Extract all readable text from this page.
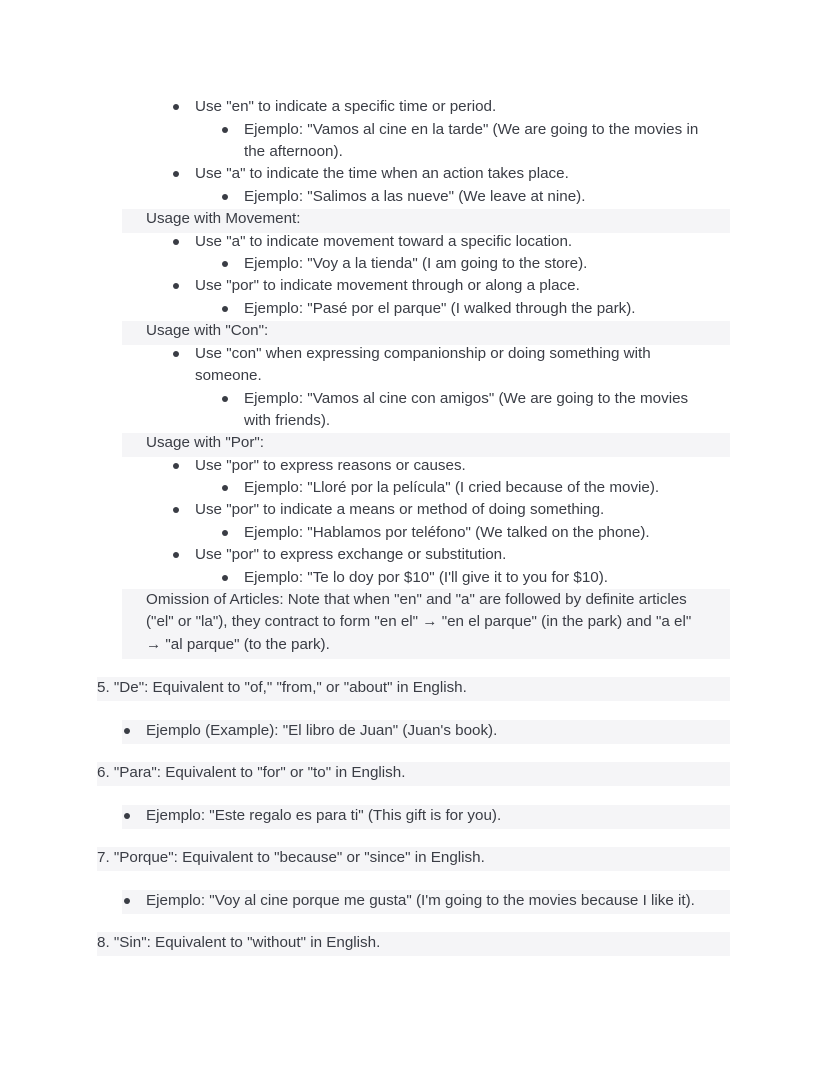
Use "en" to indicate a specific time or period.
Ejemplo: "Vamos al cine en la tarde" (We are going to the movies in
the afternoon).
Use "a" to indicate the time when an action takes place.
Ejemplo: "Salimos a las nueve" (We leave at nine).
Usage with Movement:
Use "a" to indicate movement toward a specific location.
Ejemplo: "Voy a la tienda" (I am going to the store).
Use "por" to indicate movement through or along a place.
Ejemplo: "Pasé por el parque" (I walked through the park).
Usage with "Con":
Use "con" when expressing companionship or doing something with
someone.
Ejemplo: "Vamos al cine con amigos" (We are going to the movies
with friends).
Usage with "Por":
Use "por" to express reasons or causes.
Ejemplo: "Lloré por la película" (I cried because of the movie).
Use "por" to indicate a means or method of doing something.
Ejemplo: "Hablamos por teléfono" (We talked on the phone).
Use "por" to express exchange or substitution.
Ejemplo: "Te lo doy por $10" (I'll give it to you for $10).
Omission of Articles: Note that when "en" and "a" are followed by definite articles
("el" or "la"), they contract to form "en el" → "en el parque" (in the park) and "a el"
→ "al parque" (to the park).
5. "De": Equivalent to "of," "from," or "about" in English.
Ejemplo (Example): "El libro de Juan" (Juan's book).
6. "Para": Equivalent to "for" or "to" in English.
Ejemplo: "Este regalo es para ti" (This gift is for you).
7. "Porque": Equivalent to "because" or "since" in English.
Ejemplo: "Voy al cine porque me gusta" (I'm going to the movies because I like it).
8. "Sin": Equivalent to "without" in English.
